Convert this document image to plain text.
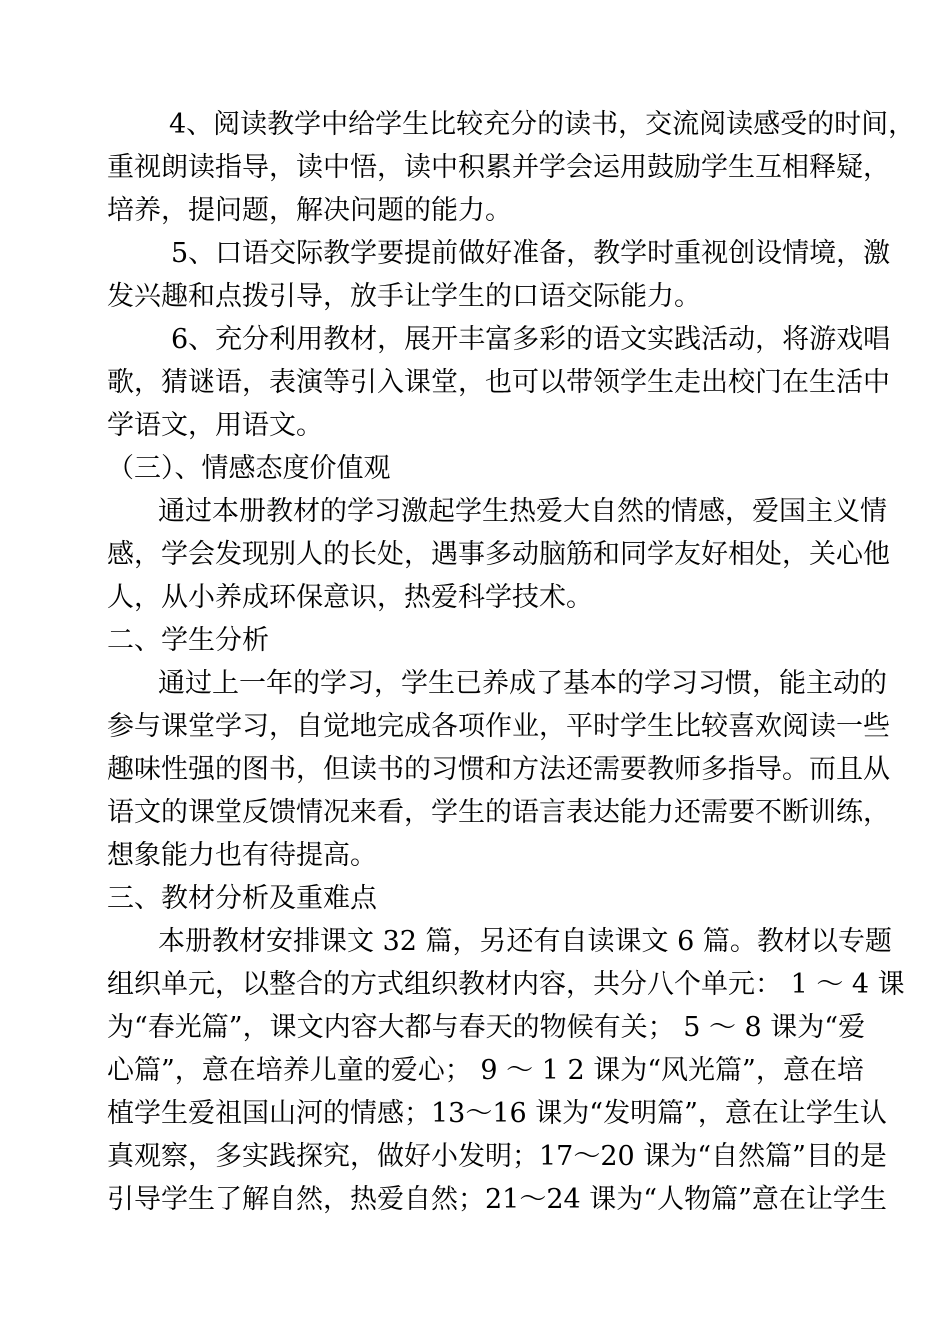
4、阅读教学中给学生比较充分的读书，交流阅读感受的时间，
重视朗读指导，读中悟，读中积累并学会运用鼓励学生互相释疑，
培养，提问题，解决问题的能力。
5、口语交际教学要提前做好准备，教学时重视创设情境，激
发兴趣和点拨引导，放手让学生的口语交际能力。
6、充分利用教材，展开丰富多彩的语文实践活动，将游戏唱
歌，猜谜语，表演等引入课堂，也可以带领学生走出校门在生活中
学语文，用语文。
（三）、情感态度价值观
通过本册教材的学习激起学生热爱大自然的情感，爱国主义情
感，学会发现别人的长处，遇事多动脑筋和同学友好相处，关心他
人，从小养成环保意识，热爱科学技术。
二、学生分析
通过上一年的学习，学生已养成了基本的学习习惯，能主动的
参与课堂学习，自觉地完成各项作业，平时学生比较喜欢阅读一些
趣味性强的图书，但读书的习惯和方法还需要教师多指导。而且从
语文的课堂反馈情况来看，学生的语言表达能力还需要不断训练，
想象能力也有待提高。
三、教材分析及重难点
本册教材安排课文 32 篇，另还有自读课文 6 篇。教材以专题
组织单元，以整合的方式组织教材内容，共分八个单元： 1 ～ 4 课
为“春光篇”，课文内容大都与春天的物候有关； 5 ～ 8 课为“爱
心篇”，意在培养儿童的爱心； 9 ～ 1 2 课为“风光篇”，意在培
植学生爱祖国山河的情感；13～16 课为“发明篇”，意在让学生认
真观察，多实践探究，做好小发明；17～20 课为“自然篇”目的是
引导学生了解自然，热爱自然；21～24 课为“人物篇”意在让学生
